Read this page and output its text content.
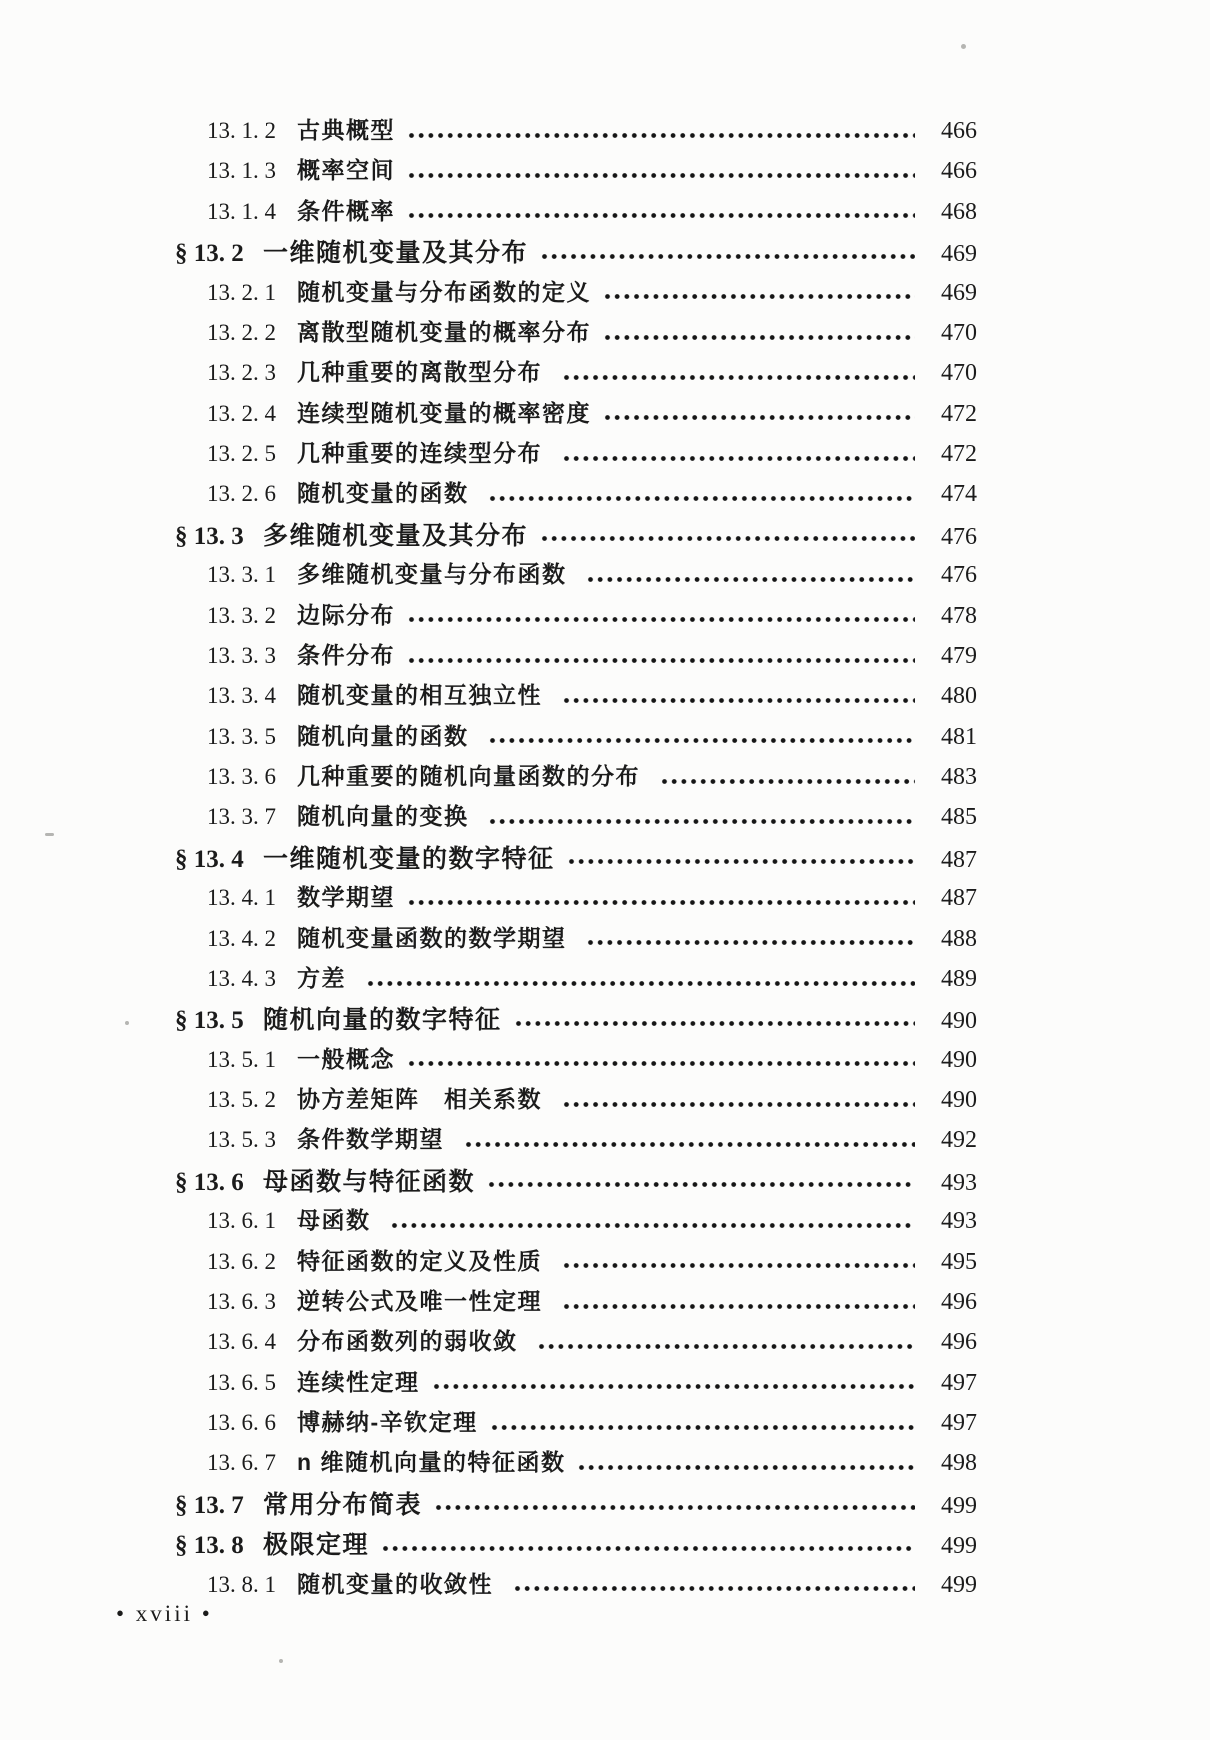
13. 1. 2 古典概型	466
13. 1. 3 概率空间	466
13. 1. 4 条件概率	468
§ 13. 2 一维随机变量及其分布	469
13. 2. 1 随机变量与分布函数的定义	469
13. 2. 2 离散型随机变量的概率分布	470
13. 2. 3 几种重要的离散型分布	470
13. 2. 4 连续型随机变量的概率密度	472
13. 2. 5 几种重要的连续型分布	472
13. 2. 6 随机变量的函数	474
§ 13. 3 多维随机变量及其分布	476
13. 3. 1 多维随机变量与分布函数	476
13. 3. 2 边际分布	478
13. 3. 3 条件分布	479
13. 3. 4 随机变量的相互独立性	480
13. 3. 5 随机向量的函数	481
13. 3. 6 几种重要的随机向量函数的分布	483
13. 3. 7 随机向量的变换	485
§ 13. 4 一维随机变量的数字特征	487
13. 4. 1 数学期望	487
13. 4. 2 随机变量函数的数学期望	488
13. 4. 3 方差	489
§ 13. 5 随机向量的数字特征	490
13. 5. 1 一般概念	490
13. 5. 2 协方差矩阵　相关系数	490
13. 5. 3 条件数学期望	492
§ 13. 6 母函数与特征函数	493
13. 6. 1 母函数	493
13. 6. 2 特征函数的定义及性质	495
13. 6. 3 逆转公式及唯一性定理	496
13. 6. 4 分布函数列的弱收敛	496
13. 6. 5 连续性定理	497
13. 6. 6 博赫纳-辛钦定理	497
13. 6. 7 n 维随机向量的特征函数	498
§ 13. 7 常用分布简表	499
§ 13. 8 极限定理	499
13. 8. 1 随机变量的收敛性	499
• xviii •
